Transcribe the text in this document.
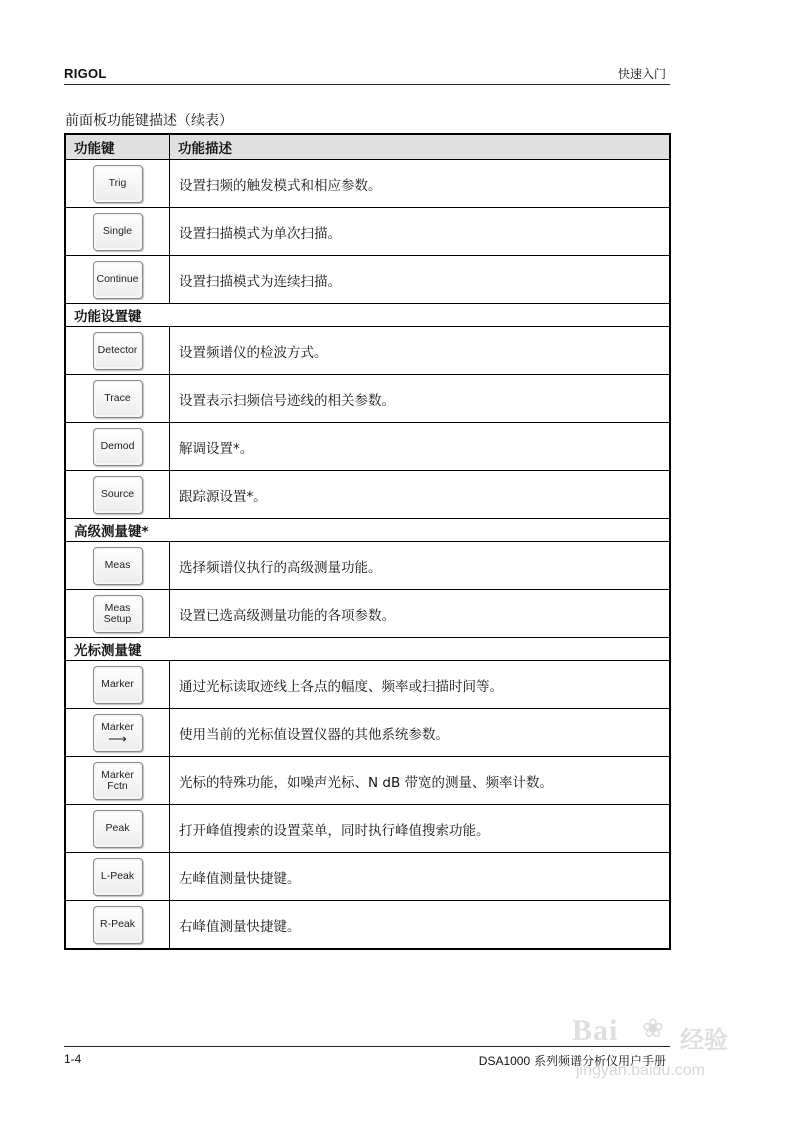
RIGOL	快速入门
前面板功能键描述（续表）
功能键	功能描述

Trig	设置扫频的触发模式和相应参数。

Single	设置扫描模式为单次扫描。

Continue	设置扫描模式为连续扫描。
功能设置键	

Detector	设置频谱仪的检波方式。

Trace	设置表示扫频信号迹线的相关参数。

Demod	解调设置*。

Source	跟踪源设置*。
高级测量键*	

Meas	选择频谱仪执行的高级测量功能。

Meas
Setup	设置已选高级测量功能的各项参数。
光标测量键	

Marker	通过光标读取迹线上各点的幅度、频率或扫描时间等。

Marker
⟶	使用当前的光标值设置仪器的其他系统参数。

Marker
Fctn	光标的特殊功能，如噪声光标、N dB 带宽的测量、频率计数。

Peak	打开峰值搜索的设置菜单，同时执行峰值搜索功能。

L-Peak	左峰值测量快捷键。

R-Peak	右峰值测量快捷键。
1-4	DSA1000 系列频谱分析仪用户手册
Bai ❀ 经验
jingyan.baidu.com
